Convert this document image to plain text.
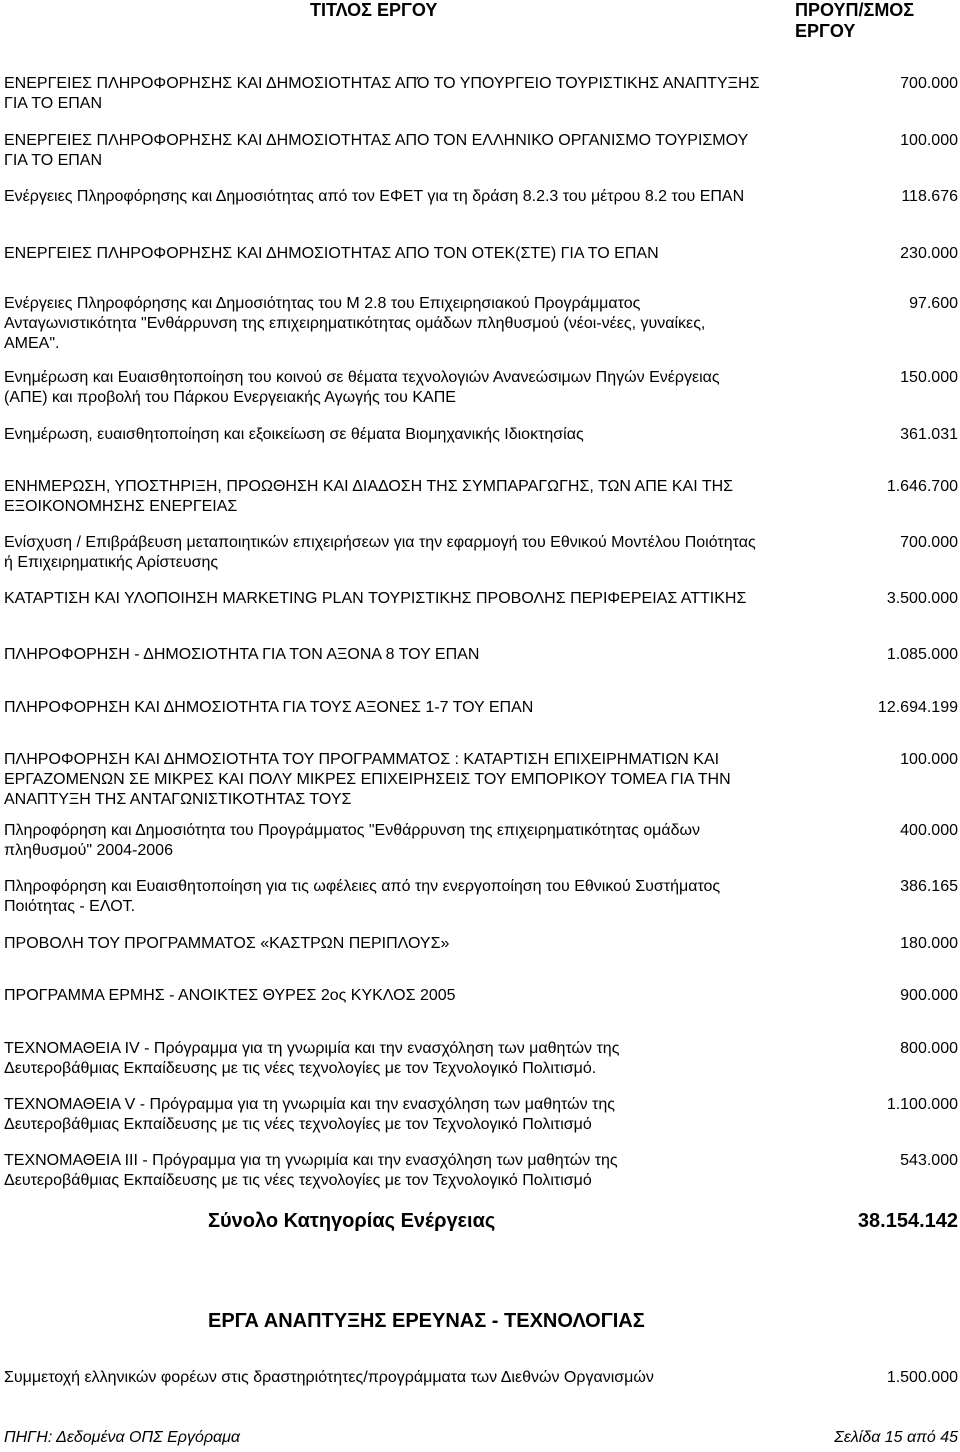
ΤΙΤΛΟΣ ΕΡΓΟΥ	ΠΡΟΥΠ/ΣΜΟΣ ΕΡΓΟΥ
ΕΝΕΡΓΕΙΕΣ ΠΛΗΡΟΦΟΡΗΣΗΣ ΚΑΙ ΔΗΜΟΣΙΟΤΗΤΑΣ ΑΠΌ ΤΟ ΥΠΟΥΡΓΕΙΟ ΤΟΥΡΙΣΤΙΚΗΣ ΑΝΑΠΤΥΞΗΣ ΓΙΑ ΤΟ ΕΠΑΝ
700.000
ΕΝΕΡΓΕΙΕΣ ΠΛΗΡΟΦΟΡΗΣΗΣ ΚΑΙ ΔΗΜΟΣΙΟΤΗΤΑΣ ΑΠΟ ΤΟΝ ΕΛΛΗΝΙΚΟ ΟΡΓΑΝΙΣΜΟ ΤΟΥΡΙΣΜΟΥ ΓΙΑ ΤΟ ΕΠΑΝ
100.000
Ενέργειες Πληροφόρησης και Δημοσιότητας από τον ΕΦΕΤ για τη δράση 8.2.3 του μέτρου 8.2 του ΕΠΑΝ	118.676
ΕΝΕΡΓΕΙΕΣ ΠΛΗΡΟΦΟΡΗΣΗΣ ΚΑΙ ΔΗΜΟΣΙΟΤΗΤΑΣ ΑΠΟ ΤΟΝ ΟΤΕΚ(ΣΤΕ) ΓΙΑ ΤΟ ΕΠΑΝ	230.000
Ενέργειες Πληροφόρησης και Δημοσιότητας του Μ 2.8 του Επιχειρησιακού Προγράμματος Ανταγωνιστικότητα "Ενθάρρυνση της επιχειρηματικότητας ομάδων πληθυσμού (νέοι-νέες, γυναίκες, ΑΜΕΑ".
97.600
Ενημέρωση και Ευαισθητοποίηση του κοινού σε θέματα τεχνολογιών Ανανεώσιμων Πηγών Ενέργειας (ΑΠΕ) και προβολή του Πάρκου Ενεργειακής Αγωγής του ΚΑΠΕ
150.000
Ενημέρωση, ευαισθητοποίηση και εξοικείωση σε θέματα Βιομηχανικής Ιδιοκτησίας	361.031
ΕΝΗΜΕΡΩΣΗ, ΥΠΟΣΤΗΡΙΞΗ, ΠΡΟΩΘΗΣΗ ΚΑΙ ΔΙΑΔΟΣΗ ΤΗΣ ΣΥΜΠΑΡΑΓΩΓΗΣ, ΤΩΝ ΑΠΕ ΚΑΙ ΤΗΣ ΕΞΟΙΚΟΝΟΜΗΣΗΣ ΕΝΕΡΓΕΙΑΣ
1.646.700
Ενίσχυση / Επιβράβευση μεταποιητικών επιχειρήσεων για την εφαρμογή του Εθνικού Μοντέλου Ποιότητας ή Επιχειρηματικής Αρίστευσης
700.000
ΚΑΤΑΡΤΙΣΗ ΚΑΙ ΥΛΟΠΟΙΗΣΗ MARKETING PLAN ΤΟΥΡΙΣΤΙΚΗΣ ΠΡΟΒΟΛΗΣ ΠΕΡΙΦΕΡΕΙΑΣ ΑΤΤΙΚΗΣ	3.500.000
ΠΛΗΡΟΦΟΡΗΣΗ - ΔΗΜΟΣΙΟΤΗΤΑ ΓΙΑ ΤΟΝ ΑΞΟΝΑ 8 ΤΟΥ ΕΠΑΝ	1.085.000
ΠΛΗΡΟΦΟΡΗΣΗ ΚΑΙ ΔΗΜΟΣΙΟΤΗΤΑ ΓΙΑ ΤΟΥΣ ΑΞΟΝΕΣ 1-7 ΤΟΥ ΕΠΑΝ	12.694.199
ΠΛΗΡΟΦΟΡΗΣΗ ΚΑΙ ΔΗΜΟΣΙΟΤΗΤΑ ΤΟΥ ΠΡΟΓΡΑΜΜΑΤΟΣ : ΚΑΤΑΡΤΙΣΗ ΕΠΙΧΕΙΡΗΜΑΤΙΩΝ ΚΑΙ ΕΡΓΑΖΟΜΕΝΩΝ ΣΕ ΜΙΚΡΕΣ ΚΑΙ ΠΟΛΥ ΜΙΚΡΕΣ ΕΠΙΧΕΙΡΗΣΕΙΣ ΤΟΥ ΕΜΠΟΡΙΚΟΥ ΤΟΜΕΑ ΓΙΑ ΤΗΝ ΑΝΑΠΤΥΞΗ ΤΗΣ ΑΝΤΑΓΩΝΙΣΤΙΚΟΤΗΤΑΣ ΤΟΥΣ
100.000
Πληροφόρηση και Δημοσιότητα του Προγράμματος "Ενθάρρυνση της επιχειρηματικότητας ομάδων πληθυσμού" 2004-2006
400.000
Πληροφόρηση και Ευαισθητοποίηση για τις ωφέλειες από την ενεργοποίηση του Εθνικού Συστήματος Ποιότητας - ΕΛΟΤ.
386.165
ΠΡΟΒΟΛΗ ΤΟΥ ΠΡΟΓΡΑΜΜΑΤΟΣ «ΚΑΣΤΡΩΝ ΠΕΡΙΠΛΟΥΣ»	180.000
ΠΡΟΓΡΑΜΜΑ ΕΡΜΗΣ - ΑΝΟΙΚΤΕΣ ΘΥΡΕΣ 2ος ΚΥΚΛΟΣ 2005	900.000
ΤΕΧΝΟΜΑΘΕΙΑ IV - Πρόγραμμα για τη γνωριμία και την ενασχόληση των μαθητών της Δευτεροβάθμιας Εκπαίδευσης με τις νέες τεχνολογίες με τον Τεχνολογικό Πολιτισμό.
800.000
ΤΕΧΝΟΜΑΘΕΙΑ V - Πρόγραμμα για τη γνωριμία και την ενασχόληση των μαθητών της Δευτεροβάθμιας Εκπαίδευσης με τις νέες τεχνολογίες με τον Τεχνολογικό Πολιτισμό
1.100.000
ΤΕΧΝΟΜΑΘΕΙΑ III - Πρόγραμμα για τη γνωριμία και την ενασχόληση των μαθητών της Δευτεροβάθμιας Εκπαίδευσης με τις νέες τεχνολογίες με τον Τεχνολογικό Πολιτισμό
543.000
Σύνολο Κατηγορίας Ενέργειας	38.154.142
ΕΡΓΑ ΑΝΑΠΤΥΞΗΣ ΕΡΕΥΝΑΣ - ΤΕΧΝΟΛΟΓΙΑΣ
Συμμετοχή ελληνικών φορέων στις δραστηριότητες/προγράμματα των Διεθνών Οργανισμών	1.500.000
ΠΗΓΗ: Δεδομένα ΟΠΣ Εργόραμα	Σελίδα 15 από 45
